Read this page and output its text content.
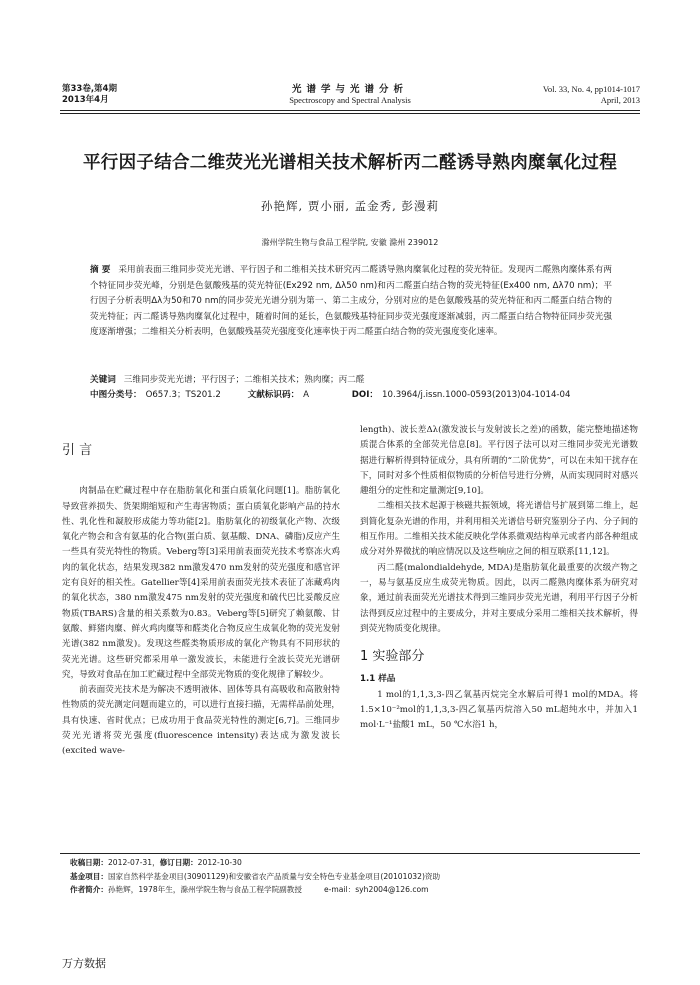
第33卷,第4期
2013年4月
光谱学与光谱分析
Spectroscopy and Spectral Analysis
Vol. 33, No. 4, pp1014-1017
April, 2013
平行因子结合二维荧光光谱相关技术解析丙二醛诱导熟肉糜氧化过程
孙艳辉, 贾小丽, 孟金秀, 彭漫莉
滁州学院生物与食品工程学院, 安徽 滁州 239012
摘 要 采用前表面三维同步荧光光谱、平行因子和二维相关技术研究丙二醛诱导熟肉糜氧化过程的荧光特征。发现丙二醛熟肉糜体系有两个特征同步荧光峰，分别是色氨酸残基的荧光特征(Ex292 nm, Δλ50 nm)和丙二醛蛋白结合物的荧光特征(Ex400 nm, Δλ70 nm)；平行因子分析表明Δλ为50和70 nm的同步荧光光谱分别为第一、第二主成分，分别对应的是色氨酸残基的荧光特征和丙二醛蛋白结合物的荧光特征；丙二醛诱导熟肉糜氧化过程中，随着时间的延长，色氨酸残基特征同步荧光强度逐渐减弱，丙二醛蛋白结合物特征同步荧光强度逐渐增强；二维相关分析表明，色氨酸残基荧光强度变化速率快于丙二醛蛋白结合物的荧光强度变化速率。
关键词 三维同步荧光光谱；平行因子；二维相关技术；熟肉糜；丙二醛
中图分类号： O657.3；TS201.2	文献标识码： A	DOI： 10.3964/j.issn.1000-0593(2013)04-1014-04
引 言

肉制品在贮藏过程中存在脂肪氧化和蛋白质氧化问题[1]。脂肪氧化导致营养损失、货架期缩短和产生毒害物质；蛋白质氧化影响产品的持水性、乳化性和凝胶形成能力等功能[2]。脂肪氧化的初级氧化产物、次级氧化产物会和含有氨基的化合物(蛋白质、氨基酸、DNA、磷脂)反应产生一些具有荧光特性的物质。Veberg等[3]采用前表面荧光技术考察冻火鸡肉的氧化状态，结果发现382 nm激发470 nm发射的荧光强度和感官评定有良好的相关性。Gatellier等[4]采用前表面荧光技术表征了冻藏鸡肉的氧化状态，380 nm激发475 nm发射的荧光强度和硫代巴比妥酸反应物质(TBARS)含量的相关系数为0.83。Veberg等[5]研究了赖氨酸、甘氨酸、鲜猪肉糜、鲜火鸡肉糜等和醛类化合物反应生成氧化物的荧光发射光谱(382 nm激发)。发现这些醛类物质形成的氧化产物具有不同形状的荧光光谱。这些研究都采用单一激发波长，未能进行全波长荧光光谱研究，导致对食品在加工贮藏过程中全部荧光物质的变化规律了解较少。

前表面荧光技术是为解决不透明液体、固体等具有高吸收和高散射特性物质的荧光测定问题而建立的，可以进行直接扫描，无需样品前处理，具有快速、省时优点；已成功用于食品荧光特性的测定[6,7]。三维同步荧光光谱将荧光强度(fluorescence intensity)表达成为激发波长(excited wave-

length)、波长差Δλ(激发波长与发射波长之差)的函数，能完整地描述物质混合体系的全部荧光信息[8]。平行因子法可以对三维同步荧光光谱数据进行解析得到特征成分，具有所谓的“二阶优势”，可以在未知干扰存在下，同时对多个性质相似物质的分析信号进行分辨，从而实现同时对感兴趣组分的定性和定量测定[9,10]。

二维相关技术起源于核磁共振领域，将光谱信号扩展到第二维上，起到简化复杂光谱的作用，并利用相关光谱信号研究鉴别分子内、分子间的相互作用。二维相关技术能反映化学体系微观结构单元或者内部各种组成成分对外界微扰的响应情况以及这些响应之间的相互联系[11,12]。

丙二醛(malondialdehyde, MDA)是脂肪氧化最重要的次级产物之一，易与氨基反应生成荧光物质。因此，以丙二醛熟肉糜体系为研究对象，通过前表面荧光光谱技术得到三维同步荧光光谱，利用平行因子分析法得到反应过程中的主要成分，并对主要成分采用二维相关技术解析，得到荧光物质变化规律。

1 实验部分

1.1 样品

1 mol的1,1,3,3-四乙氧基丙烷完全水解后可得1 mol的MDA。将1.5×10⁻²mol的1,1,3,3-四乙氧基丙烷溶入50 mL超纯水中，并加入1 mol·L⁻¹盐酸1 mL，50 ℃水浴1 h，

收稿日期：2012-07-31，修订日期：2012-10-30
基金项目：国家自然科学基金项目(30901129)和安徽省农产品质量与安全特色专业基金项目(20101032)资助
作者简介：孙艳辉，1978年生，滁州学院生物与食品工程学院副教授	e-mail：syh2004@126.com
万方数据
